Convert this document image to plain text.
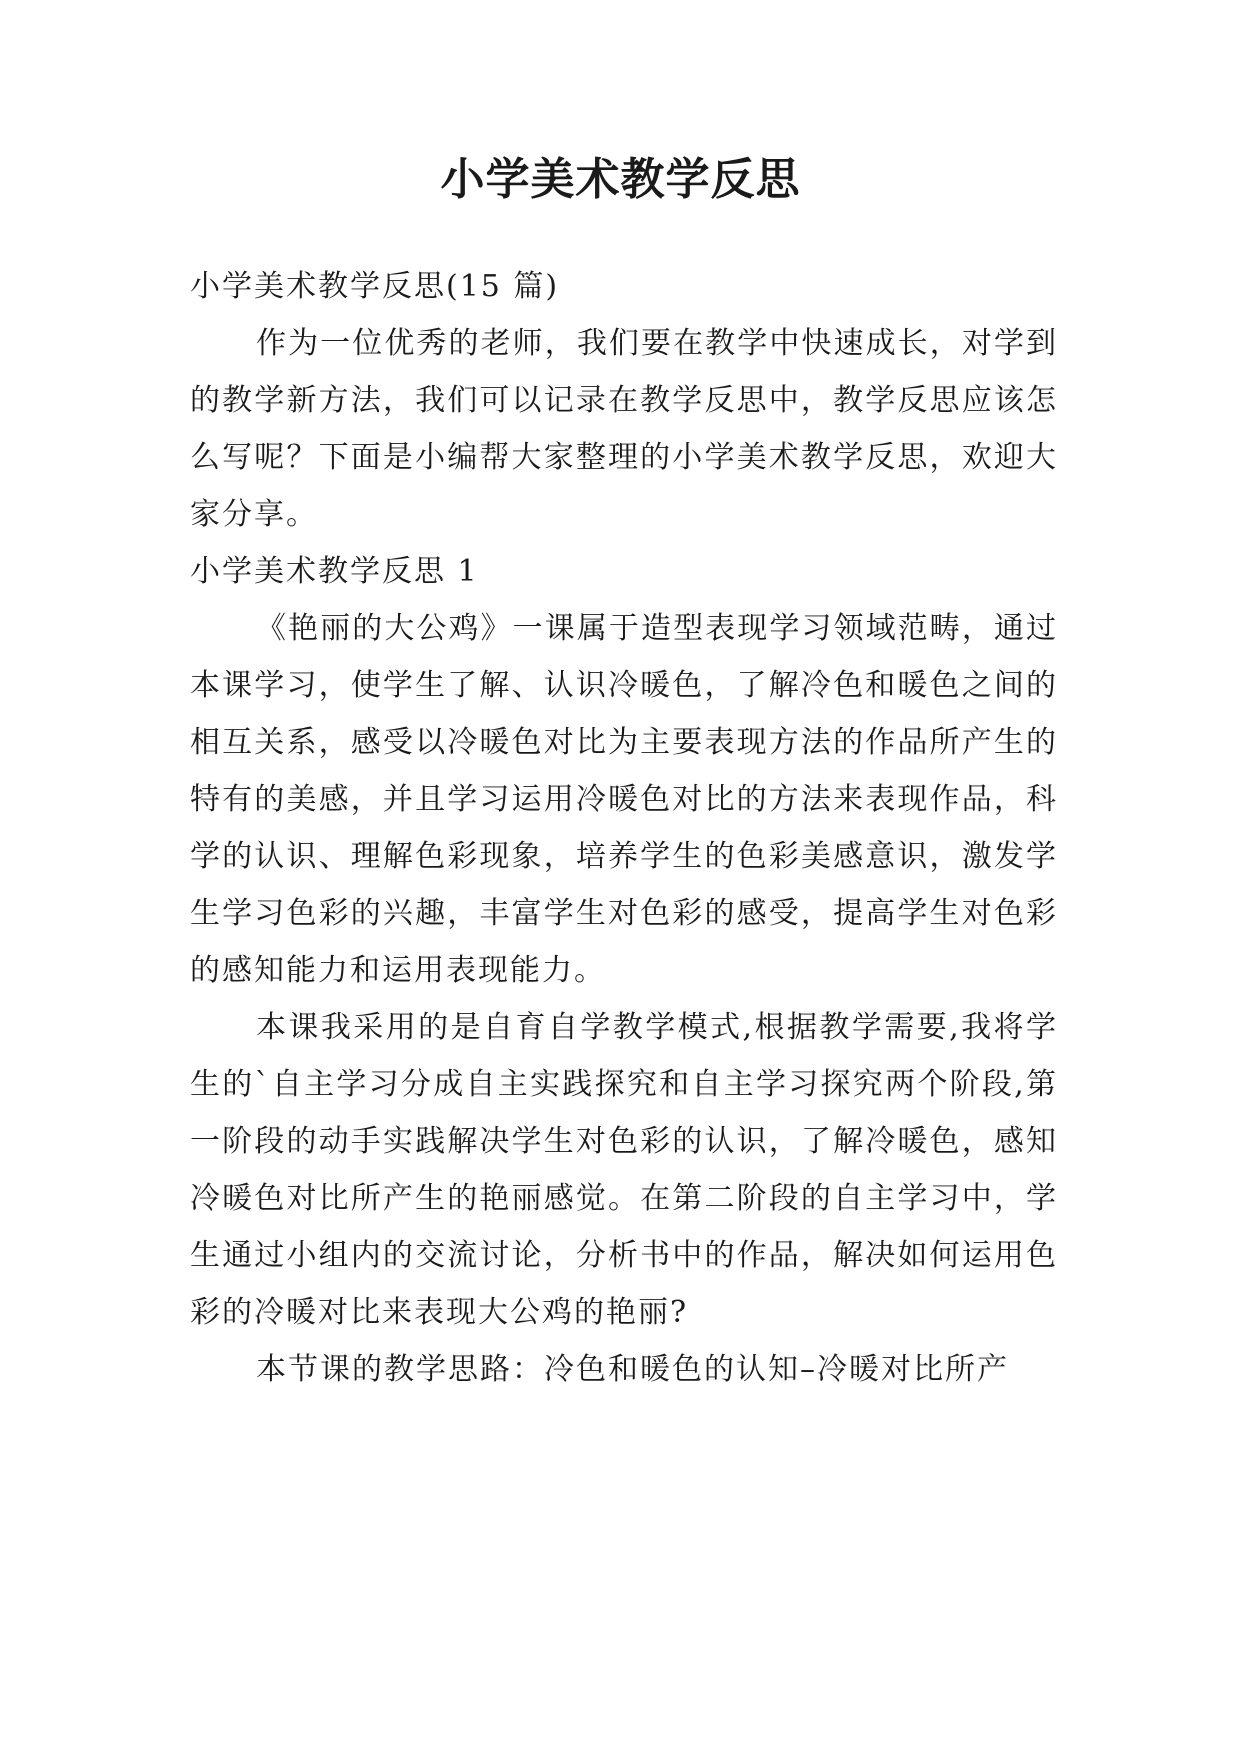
小学美术教学反思

小学美术教学反思(15 篇)

作为一位优秀的老师，我们要在教学中快速成长，对学到的教学新方法，我们可以记录在教学反思中，教学反思应该怎么写呢？下面是小编帮大家整理的小学美术教学反思，欢迎大家分享。

小学美术教学反思 1

《艳丽的大公鸡》一课属于造型表现学习领域范畴，通过本课学习，使学生了解、认识冷暖色，了解冷色和暖色之间的相互关系，感受以冷暖色对比为主要表现方法的作品所产生的特有的美感，并且学习运用冷暖色对比的方法来表现作品，科学的认识、理解色彩现象，培养学生的色彩美感意识，激发学生学习色彩的兴趣，丰富学生对色彩的感受，提高学生对色彩的感知能力和运用表现能力。

本课我采用的是自育自学教学模式,根据教学需要,我将学生的`自主学习分成自主实践探究和自主学习探究两个阶段,第一阶段的动手实践解决学生对色彩的认识，了解冷暖色，感知冷暖色对比所产生的艳丽感觉。在第二阶段的自主学习中，学生通过小组内的交流讨论，分析书中的作品，解决如何运用色彩的冷暖对比来表现大公鸡的艳丽?

本节课的教学思路：冷色和暖色的认知–冷暖对比所产
